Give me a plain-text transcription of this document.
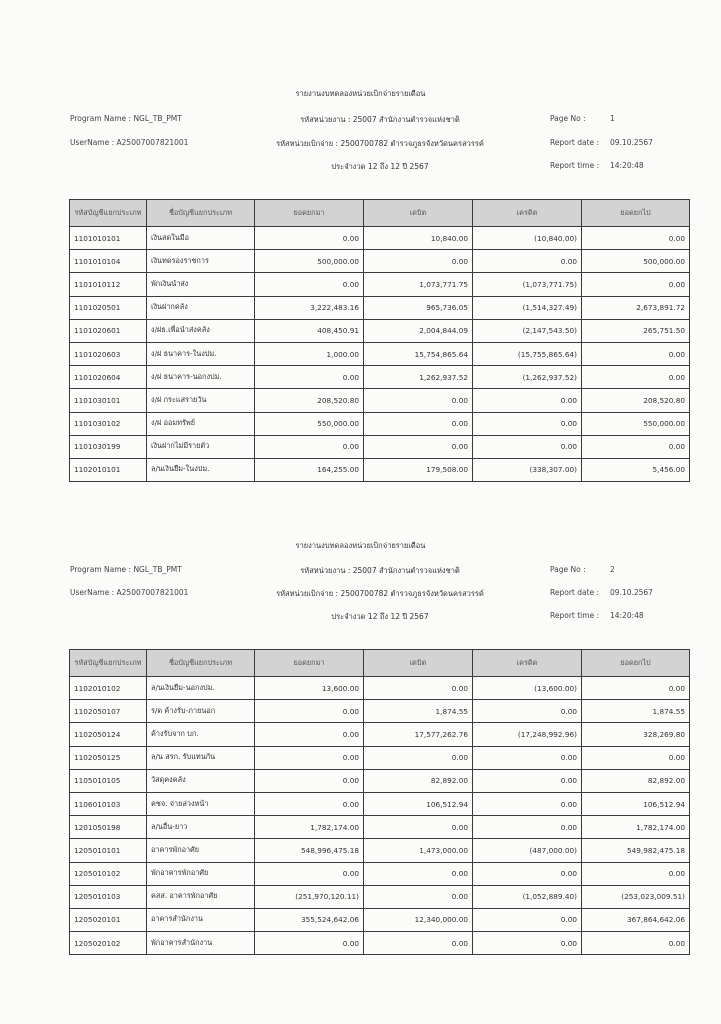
รายงานงบทดลองหน่วยเบิกจ่ายรายเดือน
Program Name : NGL_TB_PMT
UserName : A25007007821001
รหัสหน่วยงาน : 25007 สำนักงานตำรวจแห่งชาติ
รหัสหน่วยเบิกจ่าย : 2500700782 ตำรวจภูธรจังหวัดนครสวรรค์
ประจำงวด 12 ถึง 12 ปี 2567
Page No :	1
Report date : 09.10.2567
Report time : 14:20:48
รหัสบัญชีแยกประเภท	ชื่อบัญชีแยกประเภท	ยอดยกมา	เดบิต	เครดิต	ยอดยกไป
1101010101	เงินสดในมือ	0.00	10,840.00	(10,840.00)	0.00
1101010104	เงินทดรองราชการ	500,000.00	0.00	0.00	500,000.00
1101010112	พักเงินนำส่ง	0.00	1,073,771.75	(1,073,771.75)	0.00
1101020501	เงินฝากคลัง	3,222,483.16	965,736.05	(1,514,327.49)	2,673,891.72
1101020601	ง/ฝธ.เพื่อนำส่งคลัง	408,450.91	2,004,844.09	(2,147,543.50)	265,751.50
1101020603	ง/ฝ ธนาคาร-ในงปม.	1,000.00	15,754,865.64	(15,755,865.64)	0.00
1101020604	ง/ฝ ธนาคาร-นอกงปม.	0.00	1,262,937.52	(1,262,937.52)	0.00
1101030101	ง/ฝ กระแสรายวัน	208,520.80	0.00	0.00	208,520.80
1101030102	ง/ฝ ออมทรัพย์	550,000.00	0.00	0.00	550,000.00
1101030199	เงินฝากไม่มีรายตัว	0.00	0.00	0.00	0.00
1102010101	ล/นเงินยืม-ในงปม.	164,255.00	179,508.00	(338,307.00)	5,456.00
รายงานงบทดลองหน่วยเบิกจ่ายรายเดือน
Program Name : NGL_TB_PMT
UserName : A25007007821001
รหัสหน่วยงาน : 25007 สำนักงานตำรวจแห่งชาติ
รหัสหน่วยเบิกจ่าย : 2500700782 ตำรวจภูธรจังหวัดนครสวรรค์
ประจำงวด 12 ถึง 12 ปี 2567
Page No :	2
Report date : 09.10.2567
Report time : 14:20:48
รหัสบัญชีแยกประเภท	ชื่อบัญชีแยกประเภท	ยอดยกมา	เดบิต	เครดิต	ยอดยกไป
1102010102	ล/นเงินยืม-นอกงปม.	13,600.00	0.00	(13,600.00)	0.00
1102050107	ร/ด ค้างรับ-ภายนอก	0.00	1,874.55	0.00	1,874.55
1102050124	ค้างรับจาก บก.	0.00	17,577,262.76	(17,248,992.96)	328,269.80
1102050125	ล/น สรก. รับแทนกัน	0.00	0.00	0.00	0.00
1105010105	วัสดุคงคลัง	0.00	82,892.00	0.00	82,892.00
1106010103	คชจ. จ่ายล่วงหน้า	0.00	106,512.94	0.00	106,512.94
1201050198	ล/นอื่น-ยาว	1,782,174.00	0.00	0.00	1,782,174.00
1205010101	อาคารพักอาศัย	548,996,475.18	1,473,000.00	(487,000.00)	549,982,475.18
1205010102	พักอาคารพักอาศัย	0.00	0.00	0.00	0.00
1205010103	คสส. อาคารพักอาศัย	(251,970,120.11)	0.00	(1,052,889.40)	(253,023,009.51)
1205020101	อาคารสำนักงาน	355,524,642.06	12,340,000.00	0.00	367,864,642.06
1205020102	พักอาคารสำนักงาน	0.00	0.00	0.00	0.00
